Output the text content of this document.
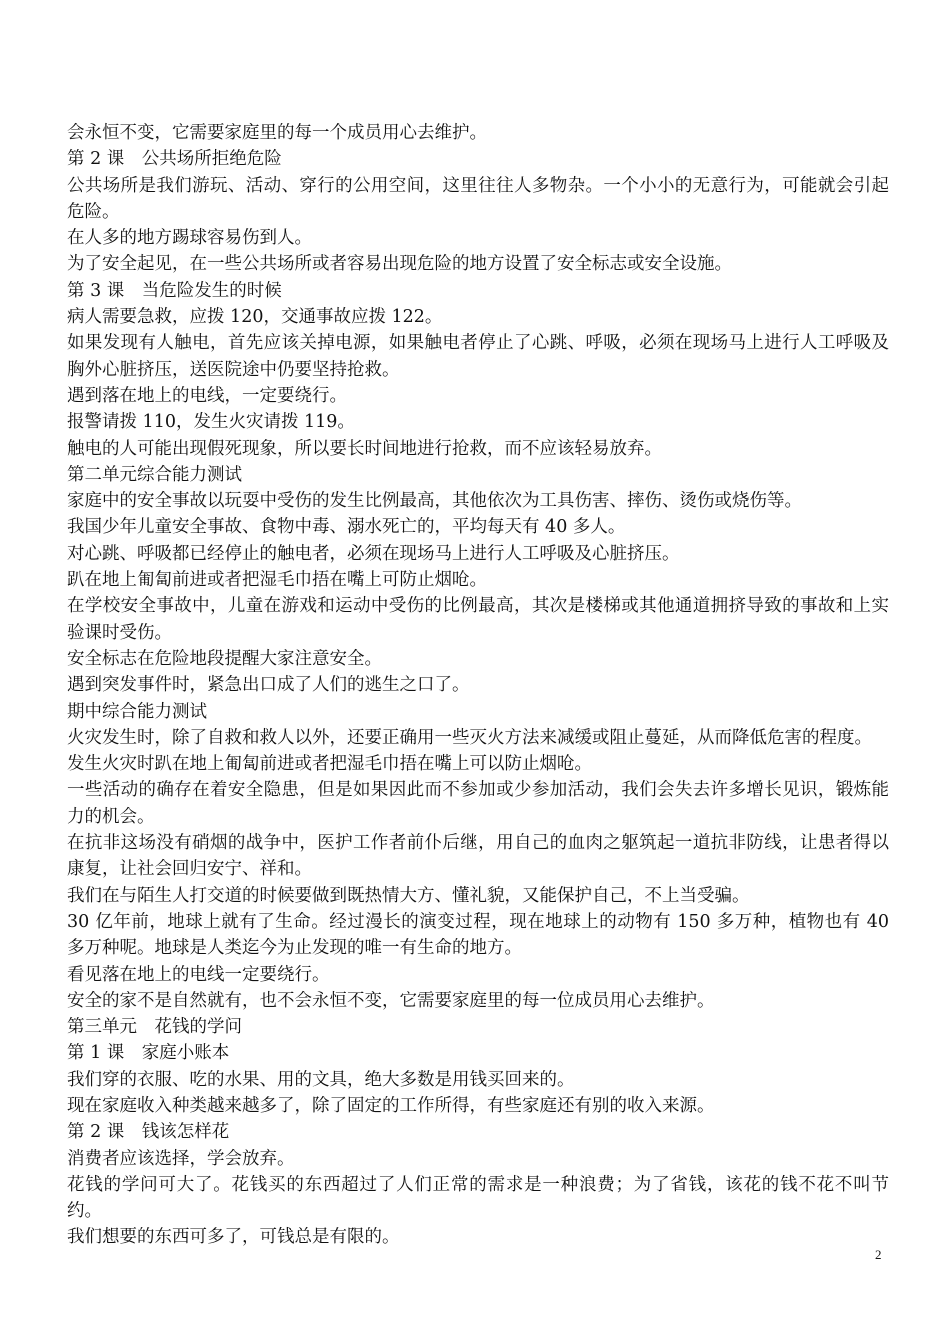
会永恒不变，它需要家庭里的每一个成员用心去维护。

第 2 课　公共场所拒绝危险

公共场所是我们游玩、活动、穿行的公用空间，这里往往人多物杂。一个小小的无意行为，可能就会引起危险。

在人多的地方踢球容易伤到人。

为了安全起见，在一些公共场所或者容易出现危险的地方设置了安全标志或安全设施。

第 3 课　当危险发生的时候

病人需要急救，应拨 120，交通事故应拨 122。

如果发现有人触电，首先应该关掉电源，如果触电者停止了心跳、呼吸，必须在现场马上进行人工呼吸及胸外心脏挤压，送医院途中仍要坚持抢救。

遇到落在地上的电线，一定要绕行。

报警请拨 110，发生火灾请拨 119。

触电的人可能出现假死现象，所以要长时间地进行抢救，而不应该轻易放弃。

第二单元综合能力测试

家庭中的安全事故以玩耍中受伤的发生比例最高，其他依次为工具伤害、摔伤、烫伤或烧伤等。

我国少年儿童安全事故、食物中毒、溺水死亡的，平均每天有 40 多人。

对心跳、呼吸都已经停止的触电者，必须在现场马上进行人工呼吸及心脏挤压。

趴在地上匍匐前进或者把湿毛巾捂在嘴上可防止烟呛。

在学校安全事故中，儿童在游戏和运动中受伤的比例最高，其次是楼梯或其他通道拥挤导致的事故和上实验课时受伤。

安全标志在危险地段提醒大家注意安全。

遇到突发事件时，紧急出口成了人们的逃生之口了。

期中综合能力测试

火灾发生时，除了自救和救人以外，还要正确用一些灭火方法来减缓或阻止蔓延，从而降低危害的程度。

发生火灾时趴在地上匍匐前进或者把湿毛巾捂在嘴上可以防止烟呛。

一些活动的确存在着安全隐患，但是如果因此而不参加或少参加活动，我们会失去许多增长见识，锻炼能力的机会。

在抗非这场没有硝烟的战争中，医护工作者前仆后继，用自己的血肉之躯筑起一道抗非防线，让患者得以康复，让社会回归安宁、祥和。

我们在与陌生人打交道的时候要做到既热情大方、懂礼貌，又能保护自己，不上当受骗。

30 亿年前，地球上就有了生命。经过漫长的演变过程，现在地球上的动物有 150 多万种，植物也有 40 多万种呢。地球是人类迄今为止发现的唯一有生命的地方。

看见落在地上的电线一定要绕行。

安全的家不是自然就有，也不会永恒不变，它需要家庭里的每一位成员用心去维护。

第三单元　花钱的学问

第 1 课　家庭小账本

我们穿的衣服、吃的水果、用的文具，绝大多数是用钱买回来的。

现在家庭收入种类越来越多了，除了固定的工作所得，有些家庭还有别的收入来源。

第 2 课　钱该怎样花

消费者应该选择，学会放弃。

花钱的学问可大了。花钱买的东西超过了人们正常的需求是一种浪费；为了省钱，该花的钱不花不叫节约。

我们想要的东西可多了，可钱总是有限的。

2
